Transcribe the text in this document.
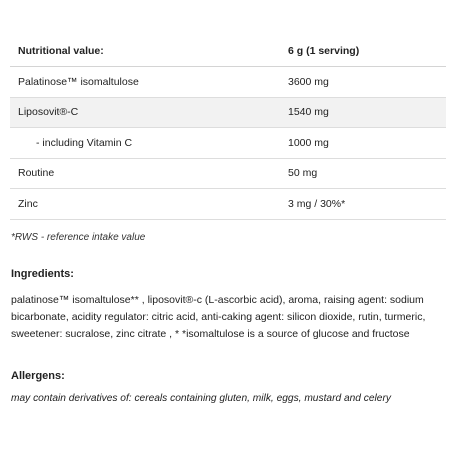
Nutritional value:	6 g (1 serving)
Palatinose™ isomaltulose	3600 mg
Liposovit®-C	1540 mg
- including Vitamin C	1000 mg
Routine	50 mg
Zinc	3 mg / 30%*
*RWS - reference intake value
Ingredients:
palatinose™ isomaltulose** , liposovit®-c (L-ascorbic acid), aroma, raising agent: sodium bicarbonate, acidity regulator: citric acid, anti-caking agent: silicon dioxide, rutin, turmeric, sweetener: sucralose, zinc citrate , * *isomaltulose is a source of glucose and fructose
Allergens:
may contain derivatives of: cereals containing gluten, milk, eggs, mustard and celery
